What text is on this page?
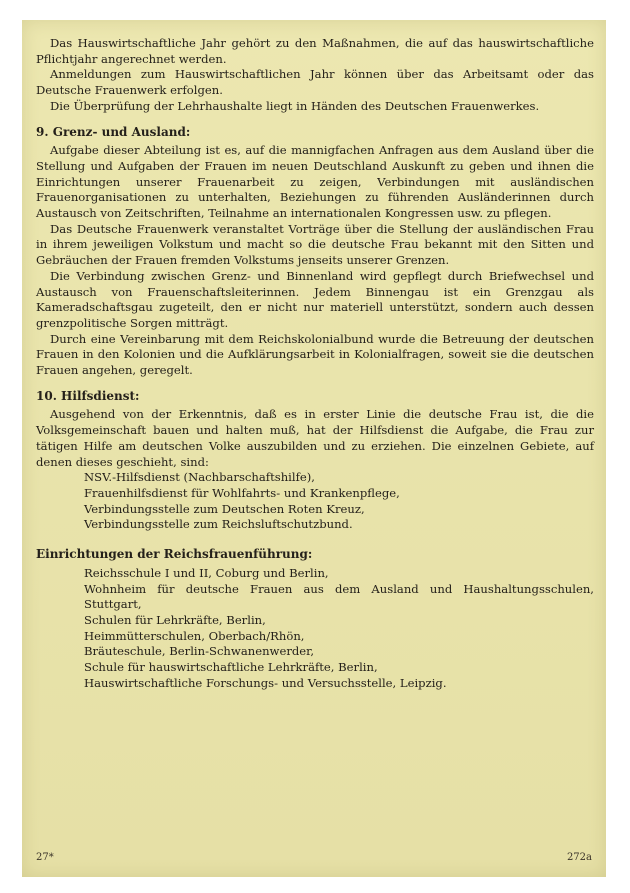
Das Hauswirtschaftliche Jahr gehört zu den Maßnahmen, die auf das hauswirtschaftliche Pflichtjahr angerechnet werden.

Anmeldungen zum Hauswirtschaftlichen Jahr können über das Arbeitsamt oder das Deutsche Frauenwerk erfolgen.

Die Überprüfung der Lehrhaushalte liegt in Händen des Deutschen Frauenwerkes.

9. Grenz- und Ausland:

Aufgabe dieser Abteilung ist es, auf die mannigfachen Anfragen aus dem Ausland über die Stellung und Aufgaben der Frauen im neuen Deutschland Auskunft zu geben und ihnen die Einrichtungen unserer Frauenarbeit zu zeigen, Verbindungen mit ausländischen Frauenorganisationen zu unterhalten, Beziehungen zu führenden Ausländerinnen durch Austausch von Zeitschriften, Teilnahme an internationalen Kongressen usw. zu pflegen.

Das Deutsche Frauenwerk veranstaltet Vorträge über die Stellung der ausländischen Frau in ihrem jeweiligen Volkstum und macht so die deutsche Frau bekannt mit den Sitten und Gebräuchen der Frauen fremden Volkstums jenseits unserer Grenzen.

Die Verbindung zwischen Grenz- und Binnenland wird gepflegt durch Briefwechsel und Austausch von Frauenschaftsleiterinnen. Jedem Binnengau ist ein Grenzgau als Kameradschaftsgau zugeteilt, den er nicht nur materiell unterstützt, sondern auch dessen grenzpolitische Sorgen mitträgt.

Durch eine Vereinbarung mit dem Reichskolonialbund wurde die Betreuung der deutschen Frauen in den Kolonien und die Aufklärungsarbeit in Kolonialfragen, soweit sie die deutschen Frauen angehen, geregelt.

10. Hilfsdienst:

Ausgehend von der Erkenntnis, daß es in erster Linie die deutsche Frau ist, die die Volksgemeinschaft bauen und halten muß, hat der Hilfsdienst die Aufgabe, die Frau zur tätigen Hilfe am deutschen Volke auszubilden und zu erziehen. Die einzelnen Gebiete, auf denen dieses geschieht, sind:

NSV.-Hilfsdienst (Nachbarschaftshilfe),
Frauenhilfsdienst für Wohlfahrts- und Krankenpflege,
Verbindungsstelle zum Deutschen Roten Kreuz,
Verbindungsstelle zum Reichsluftschutzbund.
Einrichtungen der Reichsfrauenführung:
Reichsschule I und II, Coburg und Berlin,
Wohnheim für deutsche Frauen aus dem Ausland und Haushaltungsschulen, Stuttgart,
Schulen für Lehrkräfte, Berlin,
Heimmütterschulen, Oberbach/Rhön,
Bräuteschule, Berlin-Schwanenwerder,
Schule für hauswirtschaftliche Lehrkräfte, Berlin,
Hauswirtschaftliche Forschungs- und Versuchsstelle, Leipzig.
27*	272a
